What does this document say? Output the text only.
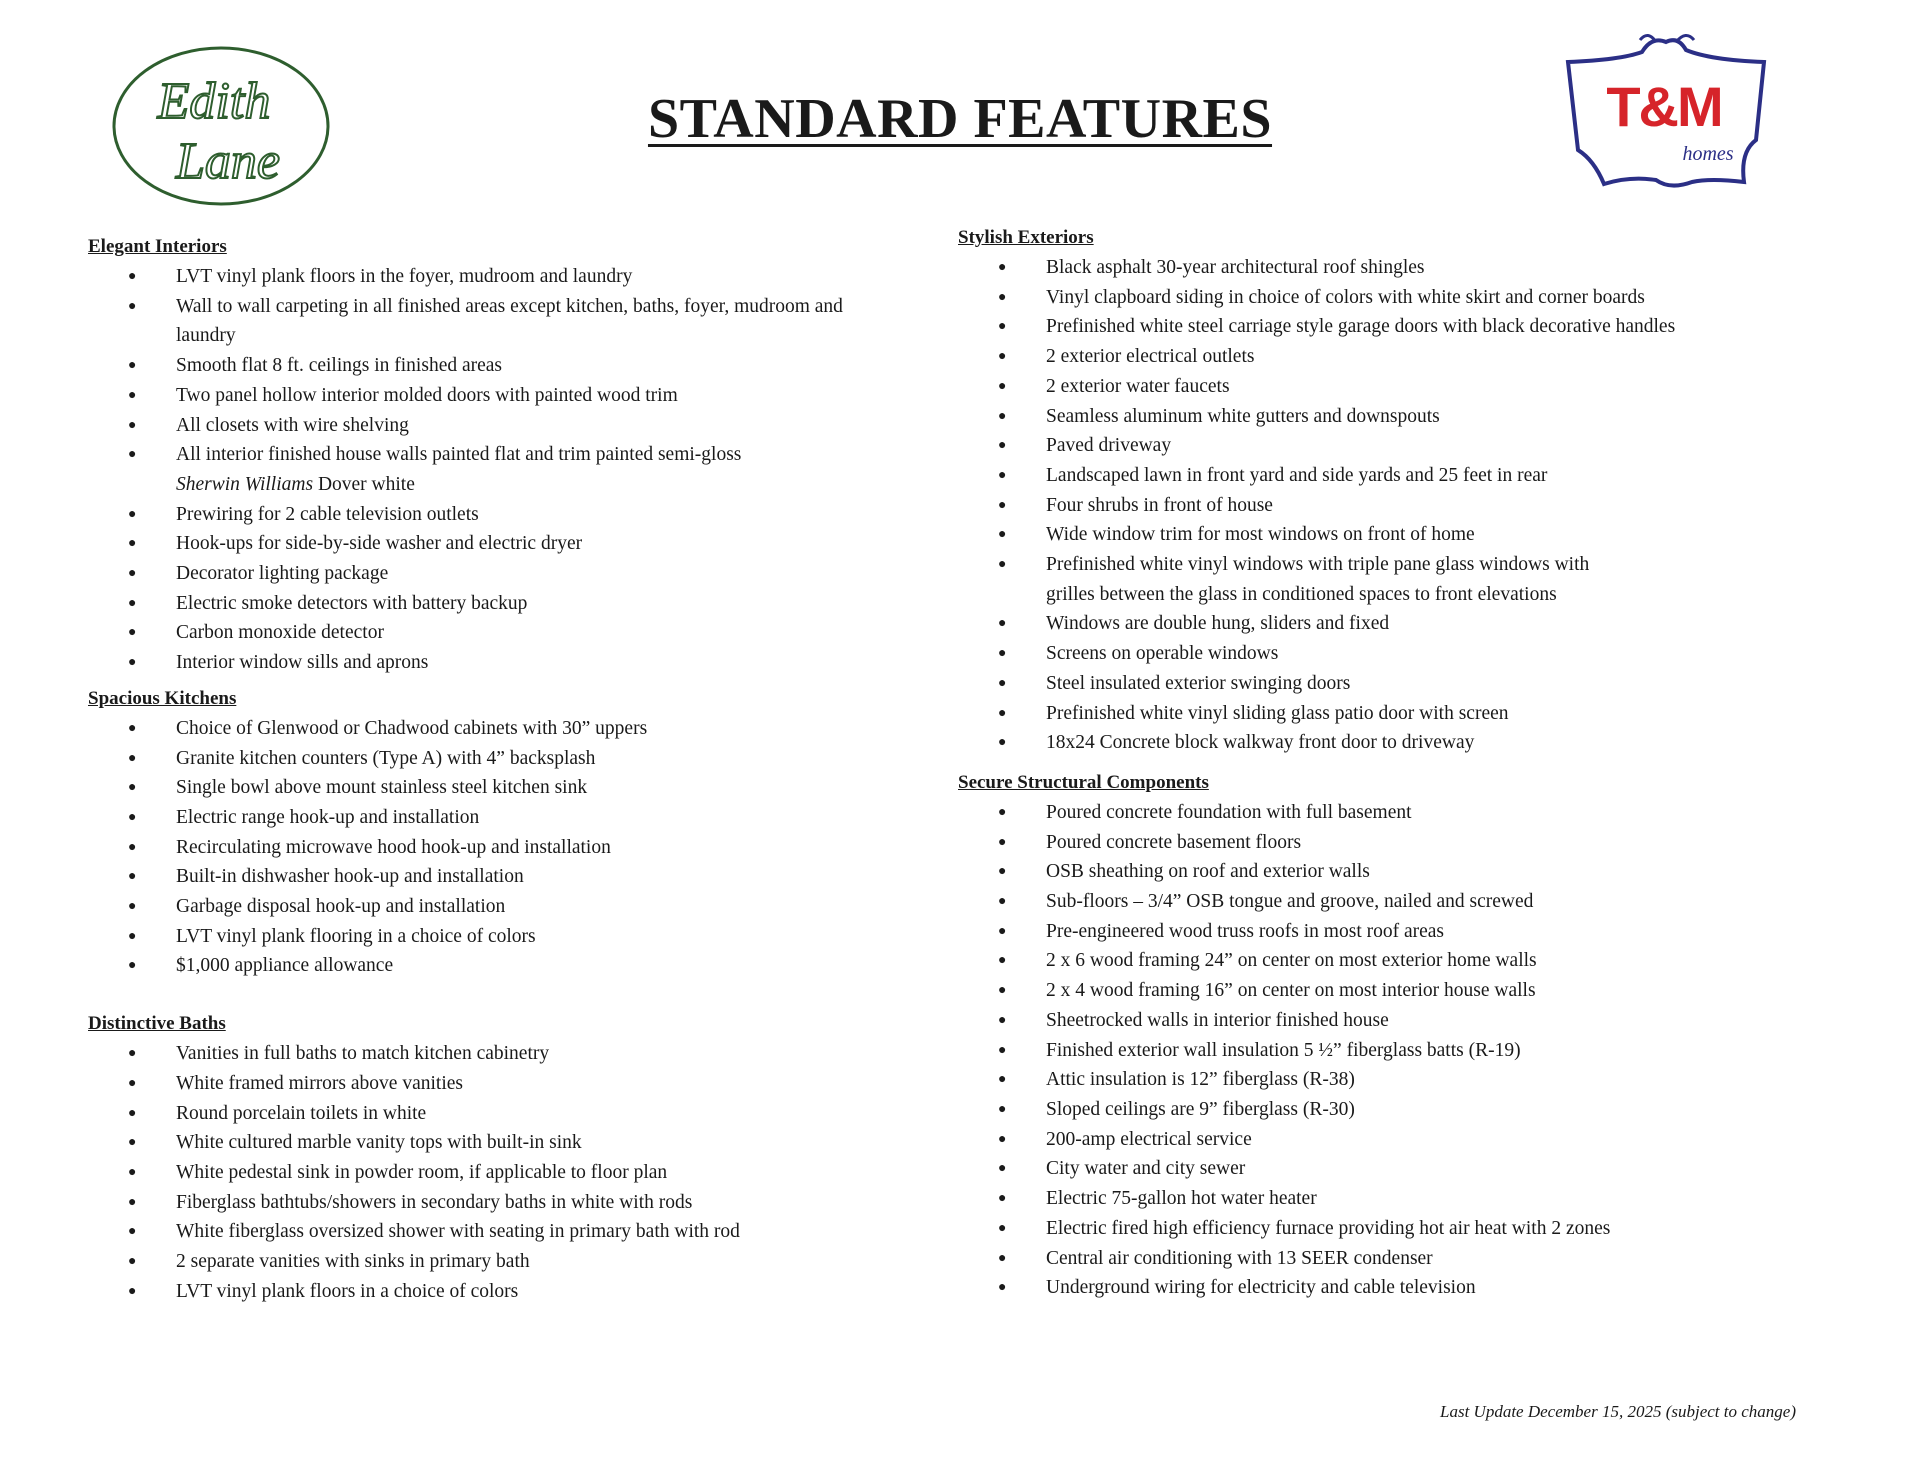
Edith
Lane
STANDARD FEATURES	T&M
homes
Elegant Interiors
● LVT vinyl plank floors in the foyer, mudroom and laundry
● Wall to wall carpeting in all finished areas except kitchen, baths, foyer, mudroom and
laundry
● Smooth flat 8 ft. ceilings in finished areas
● Two panel hollow interior molded doors with painted wood trim
● All closets with wire shelving
● All interior finished house walls painted flat and trim painted semi-gloss
Sherwin Williams Dover white
● Prewiring for 2 cable television outlets
● Hook-ups for side-by-side washer and electric dryer
● Decorator lighting package
● Electric smoke detectors with battery backup
● Carbon monoxide detector
● Interior window sills and aprons
Spacious Kitchens
● Choice of Glenwood or Chadwood cabinets with 30” uppers
● Granite kitchen counters (Type A) with 4” backsplash
● Single bowl above mount stainless steel kitchen sink
● Electric range hook-up and installation
● Recirculating microwave hood hook-up and installation
● Built-in dishwasher hook-up and installation
● Garbage disposal hook-up and installation
● LVT vinyl plank flooring in a choice of colors
● $1,000 appliance allowance
Distinctive Baths
● Vanities in full baths to match kitchen cabinetry
● White framed mirrors above vanities
● Round porcelain toilets in white
● White cultured marble vanity tops with built-in sink
● White pedestal sink in powder room, if applicable to floor plan
● Fiberglass bathtubs/showers in secondary baths in white with rods
● White fiberglass oversized shower with seating in primary bath with rod
● 2 separate vanities with sinks in primary bath
● LVT vinyl plank floors in a choice of colors
Stylish Exteriors
● Black asphalt 30-year architectural roof shingles
● Vinyl clapboard siding in choice of colors with white skirt and corner boards
● Prefinished white steel carriage style garage doors with black decorative handles
● 2 exterior electrical outlets
● 2 exterior water faucets
● Seamless aluminum white gutters and downspouts
● Paved driveway
● Landscaped lawn in front yard and side yards and 25 feet in rear
● Four shrubs in front of house
● Wide window trim for most windows on front of home
● Prefinished white vinyl windows with triple pane glass windows with
grilles between the glass in conditioned spaces to front elevations
● Windows are double hung, sliders and fixed
● Screens on operable windows
● Steel insulated exterior swinging doors
● Prefinished white vinyl sliding glass patio door with screen
● 18x24 Concrete block walkway front door to driveway
Secure Structural Components
● Poured concrete foundation with full basement
● Poured concrete basement floors
● OSB sheathing on roof and exterior walls
● Sub-floors – 3/4” OSB tongue and groove, nailed and screwed
● Pre-engineered wood truss roofs in most roof areas
● 2 x 6 wood framing 24” on center on most exterior home walls
● 2 x 4 wood framing 16” on center on most interior house walls
● Sheetrocked walls in interior finished house
● Finished exterior wall insulation 5 ½” fiberglass batts (R-19)
● Attic insulation is 12” fiberglass (R-38)
● Sloped ceilings are 9” fiberglass (R-30)
● 200-amp electrical service
● City water and city sewer
● Electric 75-gallon hot water heater
● Electric fired high efficiency furnace providing hot air heat with 2 zones
● Central air conditioning with 13 SEER condenser
● Underground wiring for electricity and cable television
Last Update December 15, 2025 (subject to change)
